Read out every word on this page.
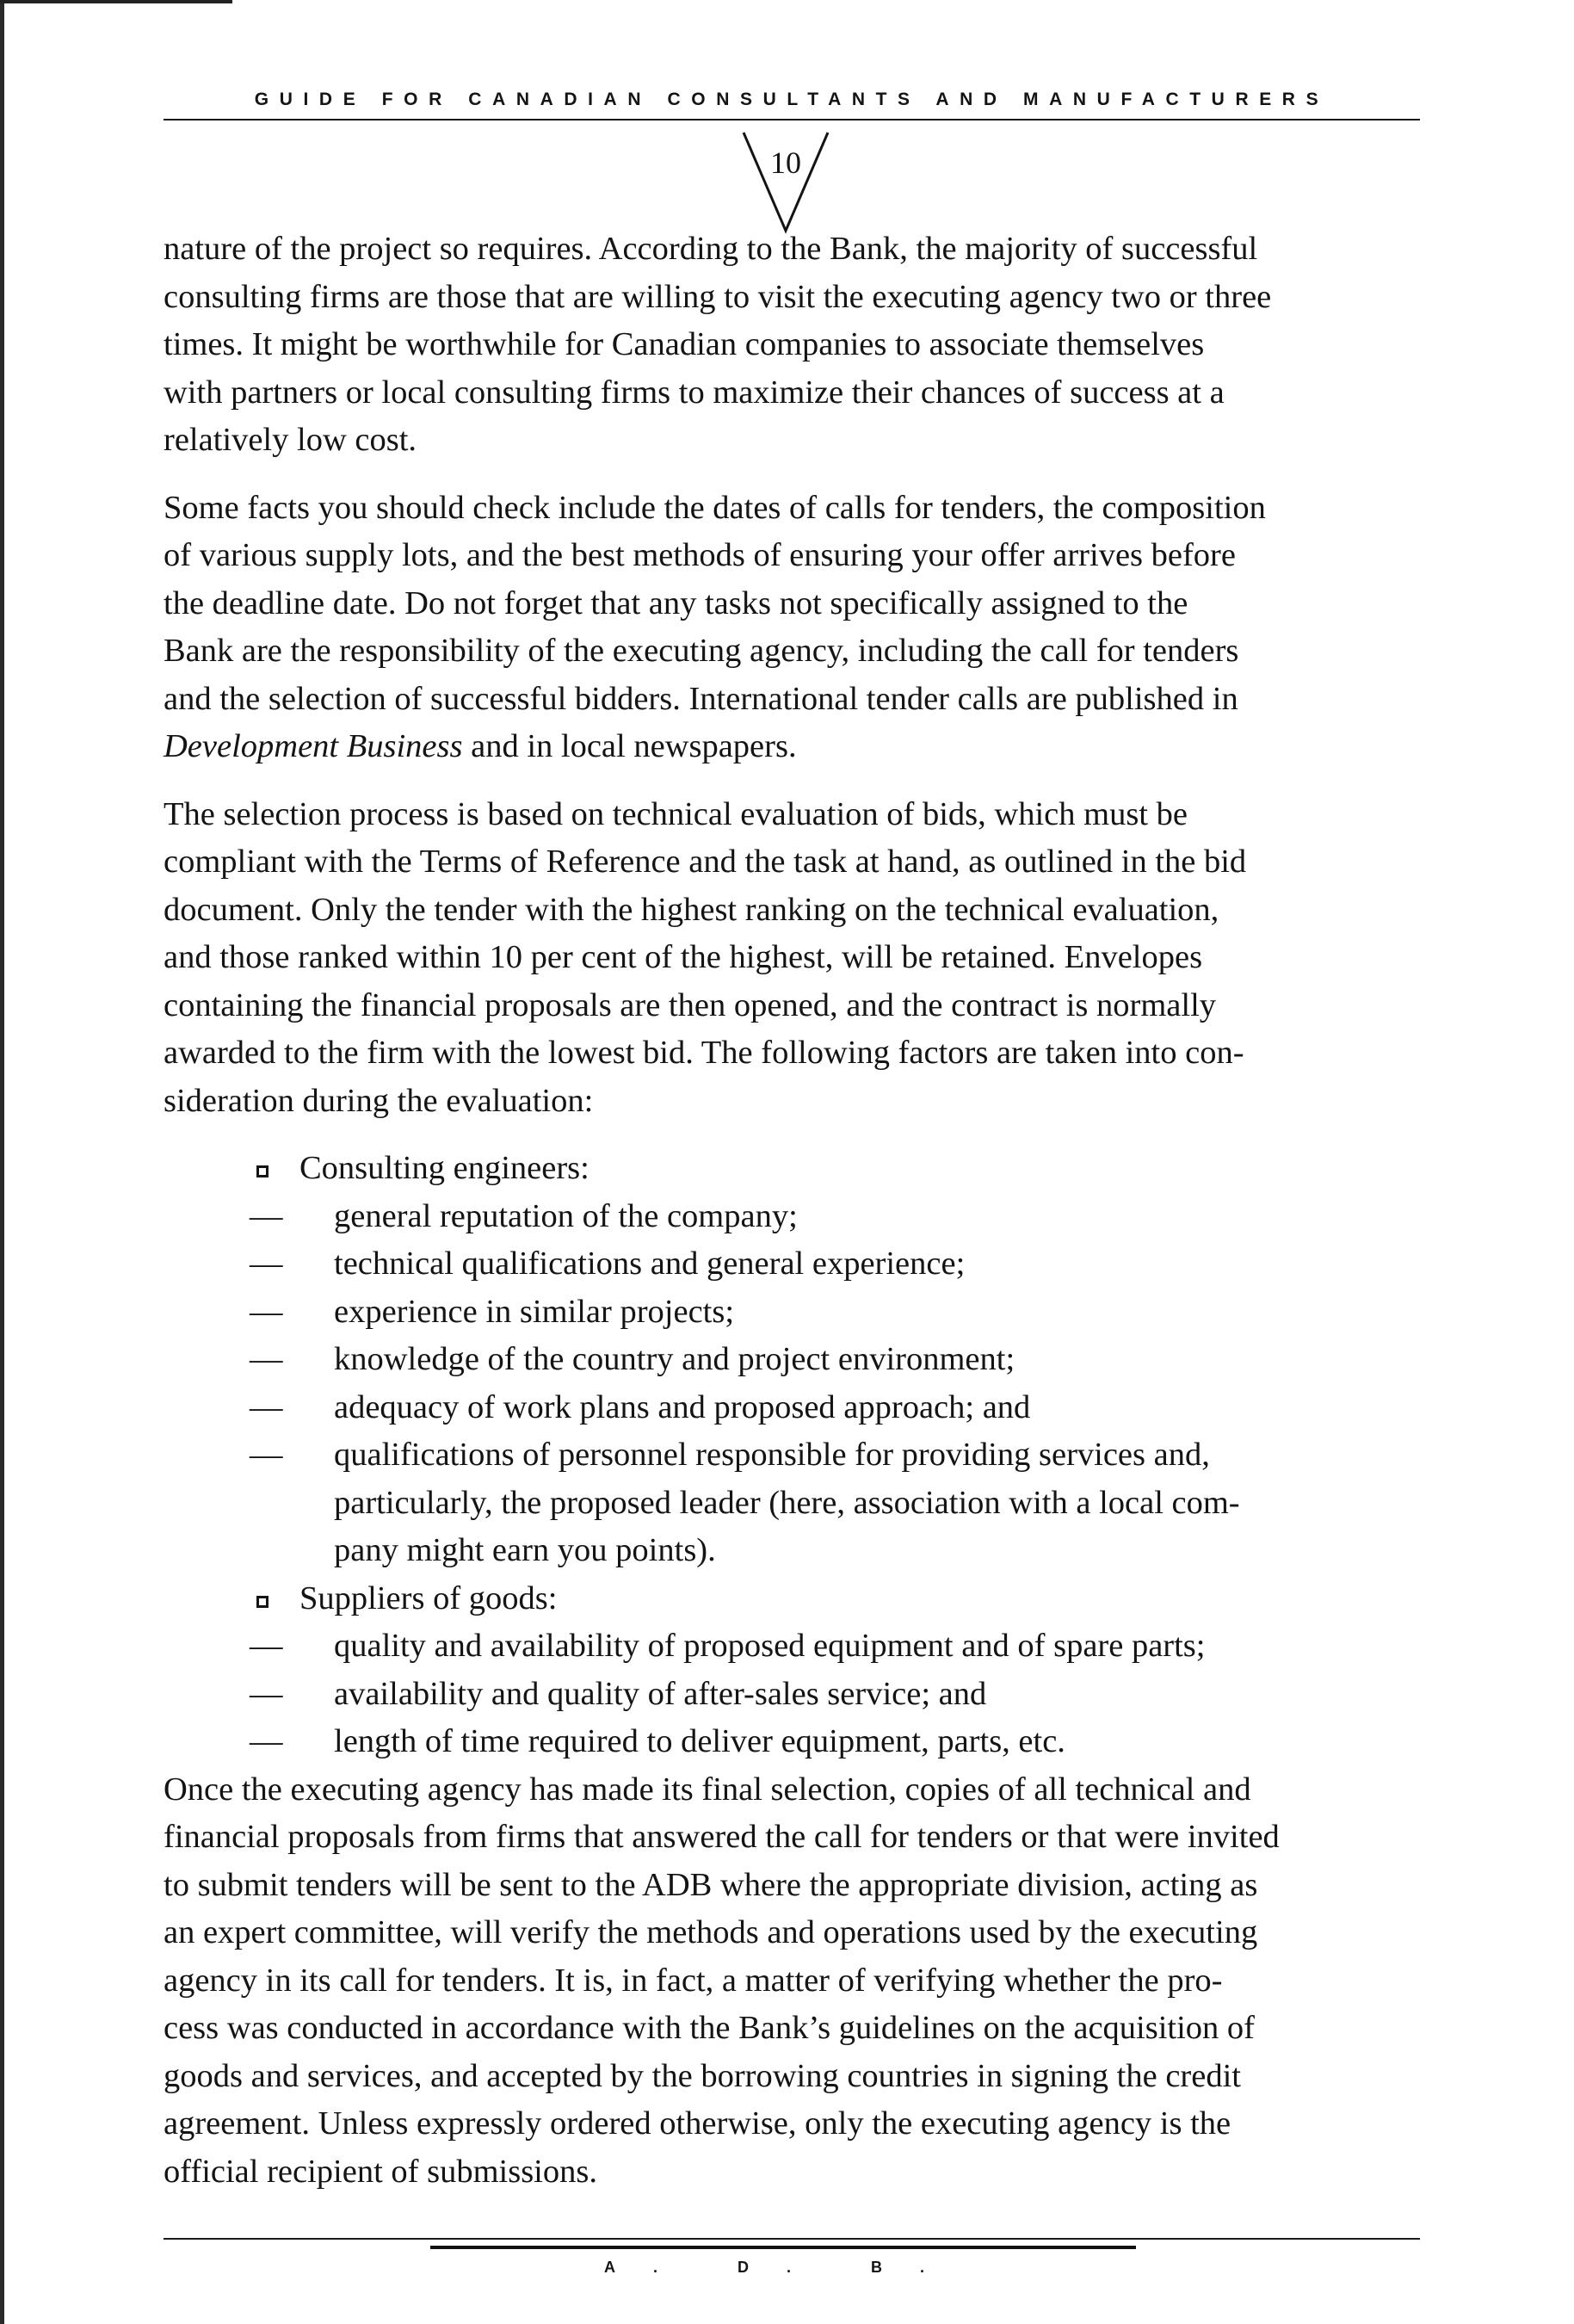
GUIDE FOR CANADIAN CONSULTANTS AND MANUFACTURERS
10

nature of the project so requires. According to the Bank, the majority of successful
consulting firms are those that are willing to visit the executing agency two or three
times. It might be worthwhile for Canadian companies to associate themselves
with partners or local consulting firms to maximize their chances of success at a
relatively low cost.

Some facts you should check include the dates of calls for tenders, the composition
of various supply lots, and the best methods of ensuring your offer arrives before
the deadline date. Do not forget that any tasks not specifically assigned to the
Bank are the responsibility of the executing agency, including the call for tenders
and the selection of successful bidders. International tender calls are published in
Development Business and in local newspapers.

The selection process is based on technical evaluation of bids, which must be
compliant with the Terms of Reference and the task at hand, as outlined in the bid
document. Only the tender with the highest ranking on the technical evaluation,
and those ranked within 10 per cent of the highest, will be retained. Envelopes
containing the financial proposals are then opened, and the contract is normally
awarded to the firm with the lowest bid. The following factors are taken into con-
sideration during the evaluation:

Consulting engineers:
—	general reputation of the company;
—	technical qualifications and general experience;
—	experience in similar projects;
—	knowledge of the country and project environment;
—	adequacy of work plans and proposed approach; and
—	qualifications of personnel responsible for providing services and,
particularly, the proposed leader (here, association with a local com-
pany might earn you points).
Suppliers of goods:
—	quality and availability of proposed equipment and of spare parts;
—	availability and quality of after-sales service; and
—	length of time required to deliver equipment, parts, etc.

Once the executing agency has made its final selection, copies of all technical and
financial proposals from firms that answered the call for tenders or that were invited
to submit tenders will be sent to the ADB where the appropriate division, acting as
an expert committee, will verify the methods and operations used by the executing
agency in its call for tenders. It is, in fact, a matter of verifying whether the pro-
cess was conducted in accordance with the Bank’s guidelines on the acquisition of
goods and services, and accepted by the borrowing countries in signing the credit
agreement. Unless expressly ordered otherwise, only the executing agency is the
official recipient of submissions.

A. D. B.
